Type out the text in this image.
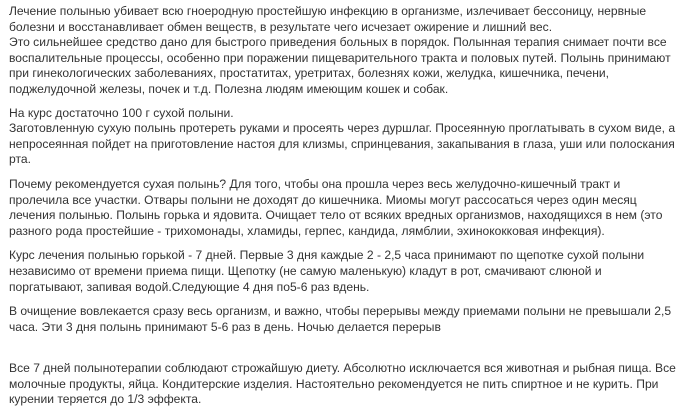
Лечение полынью убивает всю гноеродную простейшую инфекцию в организме, излечивает бессоницу, нервные болезни и восстанавливает обмен веществ, в результате чего исчезает ожирение и лишний вес.

Это сильнейшее средство дано для быстрого приведения больных в порядок. Полынная терапия снимает почти все воспалительные процессы, особенно при поражении пищеварительного тракта и половых путей. Полынь принимают при гинекологических заболеваниях, простатитах, уретритах, болезнях кожи, желудка, кишечника, печени, поджелудочной железы, почек и т.д. Полезна людям имеющим кошек и собак.

На курс достаточно 100 г сухой полыни.

Заготовленную сухую полынь протереть руками и просеять через дуршлаг. Просеянную проглатывать в сухом виде, а непросеянная пойдет на приготовление настоя для клизмы, спринцевания, закапывания в глаза, уши или полоскания рта.

Почему рекомендуется сухая полынь? Для того, чтобы она прошла через весь желудочно-кишечный тракт и пролечила все участки. Отвары полыни не доходят до кишечника. Миомы могут рассосаться через один месяц лечения полынью. Полынь горька и ядовита. Очищает тело от всяких вредных организмов, находящихся в нем (это разного рода простейшие - трихомонады, хламиды, герпес, кандида, лямблии, эхинококковая инфекция).

Курс лечения полынью горькой - 7 дней. Первые 3 дня каждые 2 - 2,5 часа принимают по щепотке сухой полыни независимо от времени приема пищи. Щепотку (не самую маленькую) кладут в рот, смачивают слюной и поргатывают, запивая водой.Следующие 4 дня по5-6 раз вдень.

В очищение вовлекается сразу весь организм, и важно, чтобы перерывы между приемами полыни не превышали 2,5 часа. Эти 3 дня полынь принимают 5-6 раз в день. Ночью делается перерыв

Все 7 дней полынотерапии соблюдают строжайшую диету. Абсолютно исключается вся животная и рыбная пища. Все молочные продукты, яйца. Кондитерские изделия. Настоятельно рекомендуется не пить спиртное и не курить. При курении теряется до 1/3 эффекта.
